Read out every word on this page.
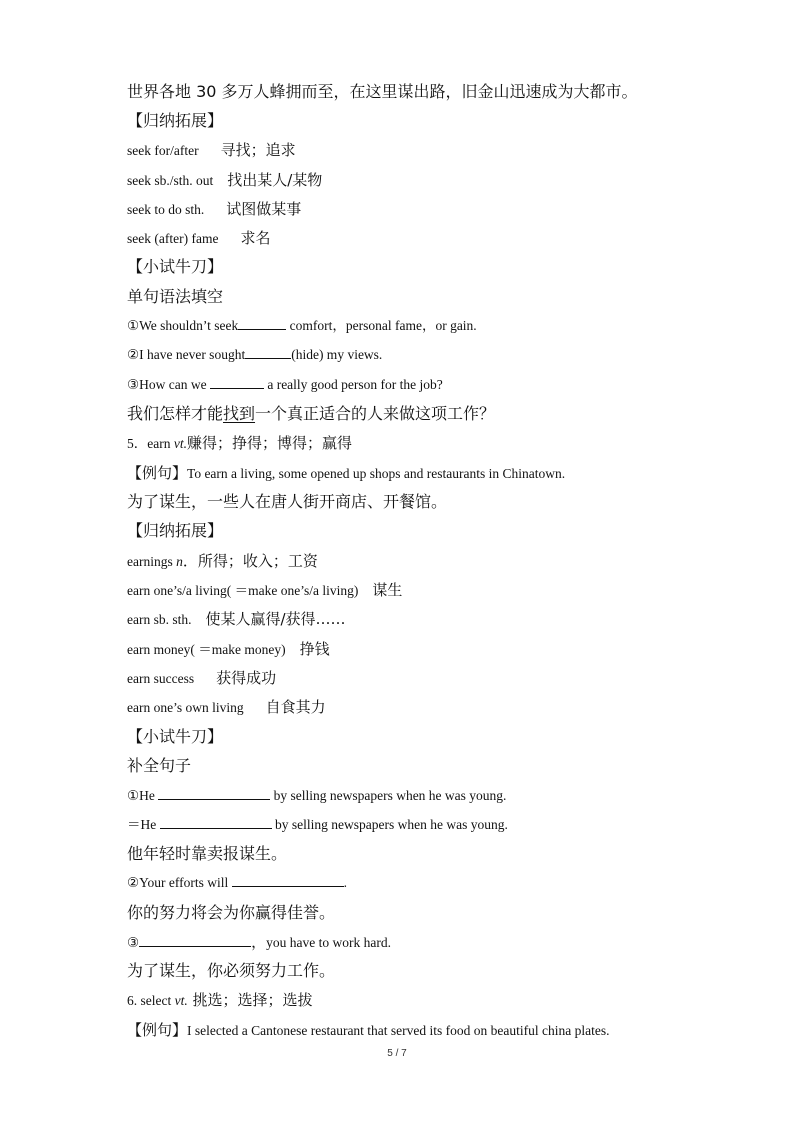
世界各地 30 多万人蜂拥而至，在这里谋出路，旧金山迅速成为大都市。
【归纳拓展】
seek for/after 寻找；追求
seek sb./sth. out 找出某人/某物
seek to do sth. 试图做某事
seek (after) fame 求名
【小试牛刀】
单句语法填空
①We shouldn’t seek	comfort，personal fame，or gain.
②I have never sought	(hide) my views.
③How can we	a really good person for the job?
我们怎样才能找到一个真正适合的人来做这项工作？
5．earn vt.赚得；挣得；博得；赢得
【例句】To earn a living, some opened up shops and restaurants in Chinatown.
为了谋生，一些人在唐人街开商店、开餐馆。
【归纳拓展】
earnings n．所得；收入；工资
earn one’s/a living( ＝make one’s/a living) 谋生
earn sb. sth. 使某人赢得/获得……
earn money( ＝make money) 挣钱
earn success 获得成功
earn one’s own living 自食其力
【小试牛刀】
补全句子
①He	by selling newspapers when he was young.
＝He	by selling newspapers when he was young.
他年轻时靠卖报谋生。
②Your efforts will	.
你的努力将会为你赢得佳誉。
③	，you have to work hard.
为了谋生，你必须努力工作。
6. select vt. 挑选；选择；选拔
【例句】I selected a Cantonese restaurant that served its food on beautiful china plates.
5 / 7
